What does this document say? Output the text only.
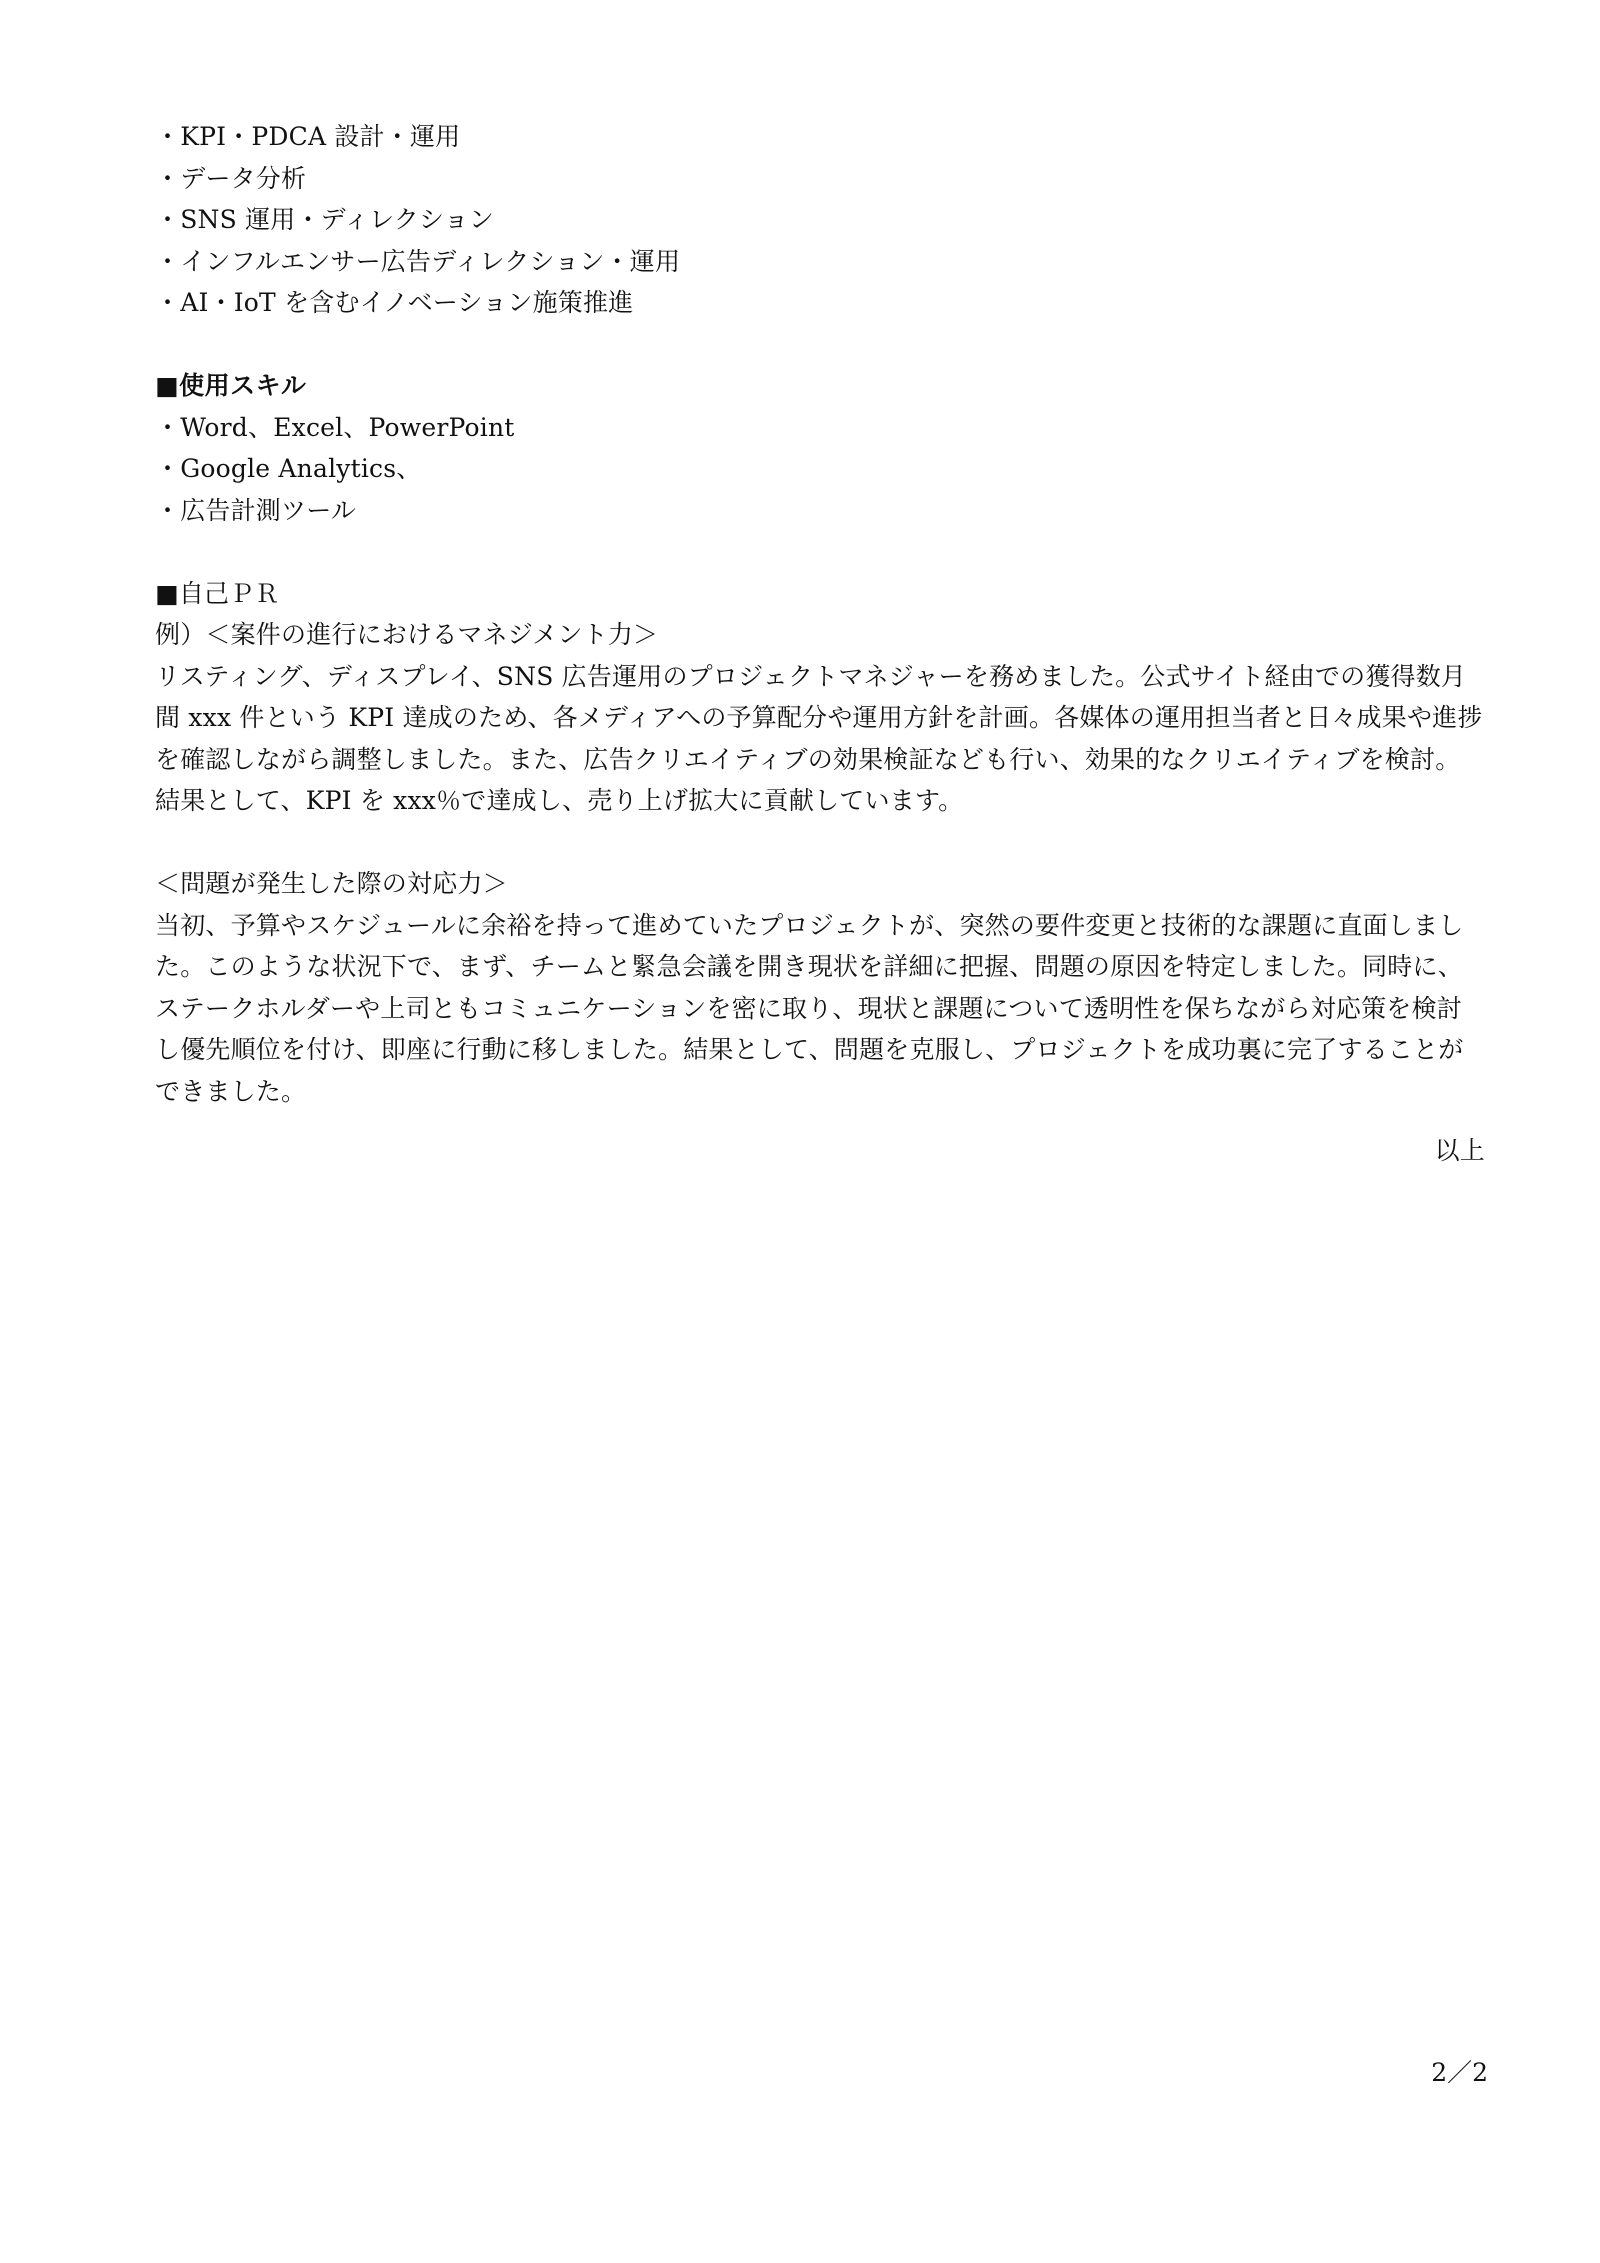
・KPI・PDCA 設計・運用

・データ分析

・SNS 運用・ディレクション

・インフルエンサー広告ディレクション・運用

・AI・IoT を含むイノベーション施策推進

■使用スキル

・Word、Excel、PowerPoint

・Google Analytics、

・広告計測ツール

■自己ＰＲ

例）＜案件の進行におけるマネジメント力＞

リスティング、ディスプレイ、SNS 広告運用のプロジェクトマネジャーを務めました。公式サイト経由での獲得数月

間 xxx 件という KPI 達成のため、各メディアへの予算配分や運用方針を計画。各媒体の運用担当者と日々成果や進捗

を確認しながら調整しました。また、広告クリエイティブの効果検証なども行い、効果的なクリエイティブを検討。

結果として、KPI を xxx％で達成し、売り上げ拡大に貢献しています。

＜問題が発生した際の対応力＞

当初、予算やスケジュールに余裕を持って進めていたプロジェクトが、突然の要件変更と技術的な課題に直面しまし

た。このような状況下で、まず、チームと緊急会議を開き現状を詳細に把握、問題の原因を特定しました。同時に、

ステークホルダーや上司ともコミュニケーションを密に取り、現状と課題について透明性を保ちながら対応策を検討

し優先順位を付け、即座に行動に移しました。結果として、問題を克服し、プロジェクトを成功裏に完了することが

できました。

以上

2／2
